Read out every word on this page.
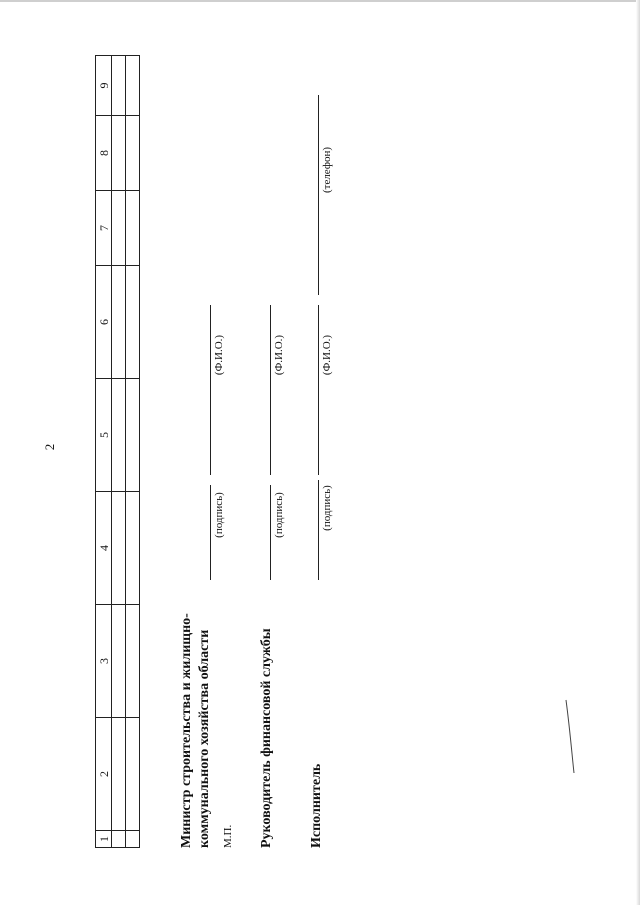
2
1	2	3	4	5	6	7	8	9

Министр строительства и жилищно- коммунального хозяйства области М.П.
(подпись)
(Ф.И.О.)
Руководитель финансовой службы
(подпись)
(Ф.И.О.)
Исполнитель
(подпись)
(Ф.И.О.)
(телефон)
